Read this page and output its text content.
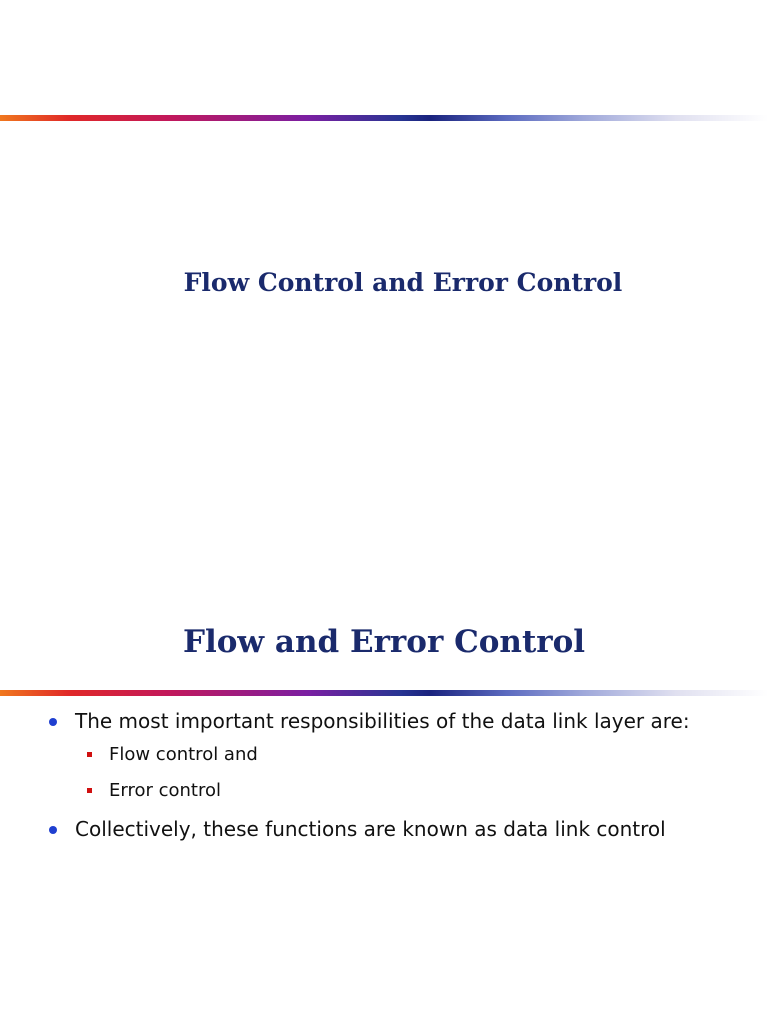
Flow Control and Error Control
Flow and Error Control
The most important responsibilities of the data link layer are:
Flow control and
Error control
Collectively, these functions are known as data link control
